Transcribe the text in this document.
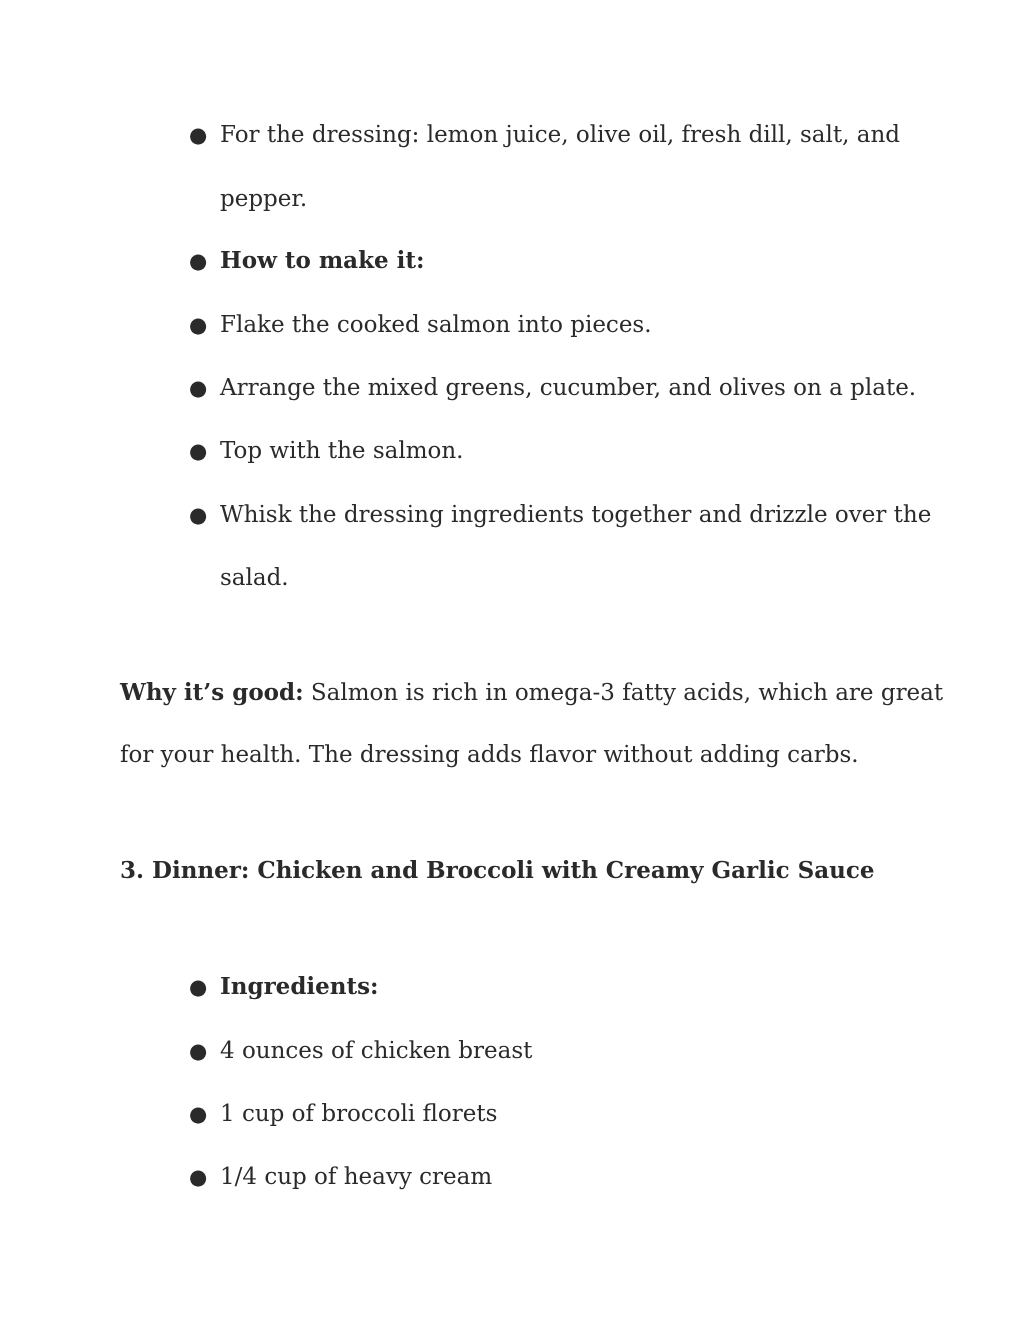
● For the dressing: lemon juice, olive oil, fresh dill, salt, and
pepper.
● How to make it:
● Flake the cooked salmon into pieces.
● Arrange the mixed greens, cucumber, and olives on a plate.
● Top with the salmon.
● Whisk the dressing ingredients together and drizzle over the
salad.
Why it’s good: Salmon is rich in omega-3 fatty acids, which are great
for your health. The dressing adds flavor without adding carbs.
3. Dinner: Chicken and Broccoli with Creamy Garlic Sauce
● Ingredients:
● 4 ounces of chicken breast
● 1 cup of broccoli florets
● 1/4 cup of heavy cream
